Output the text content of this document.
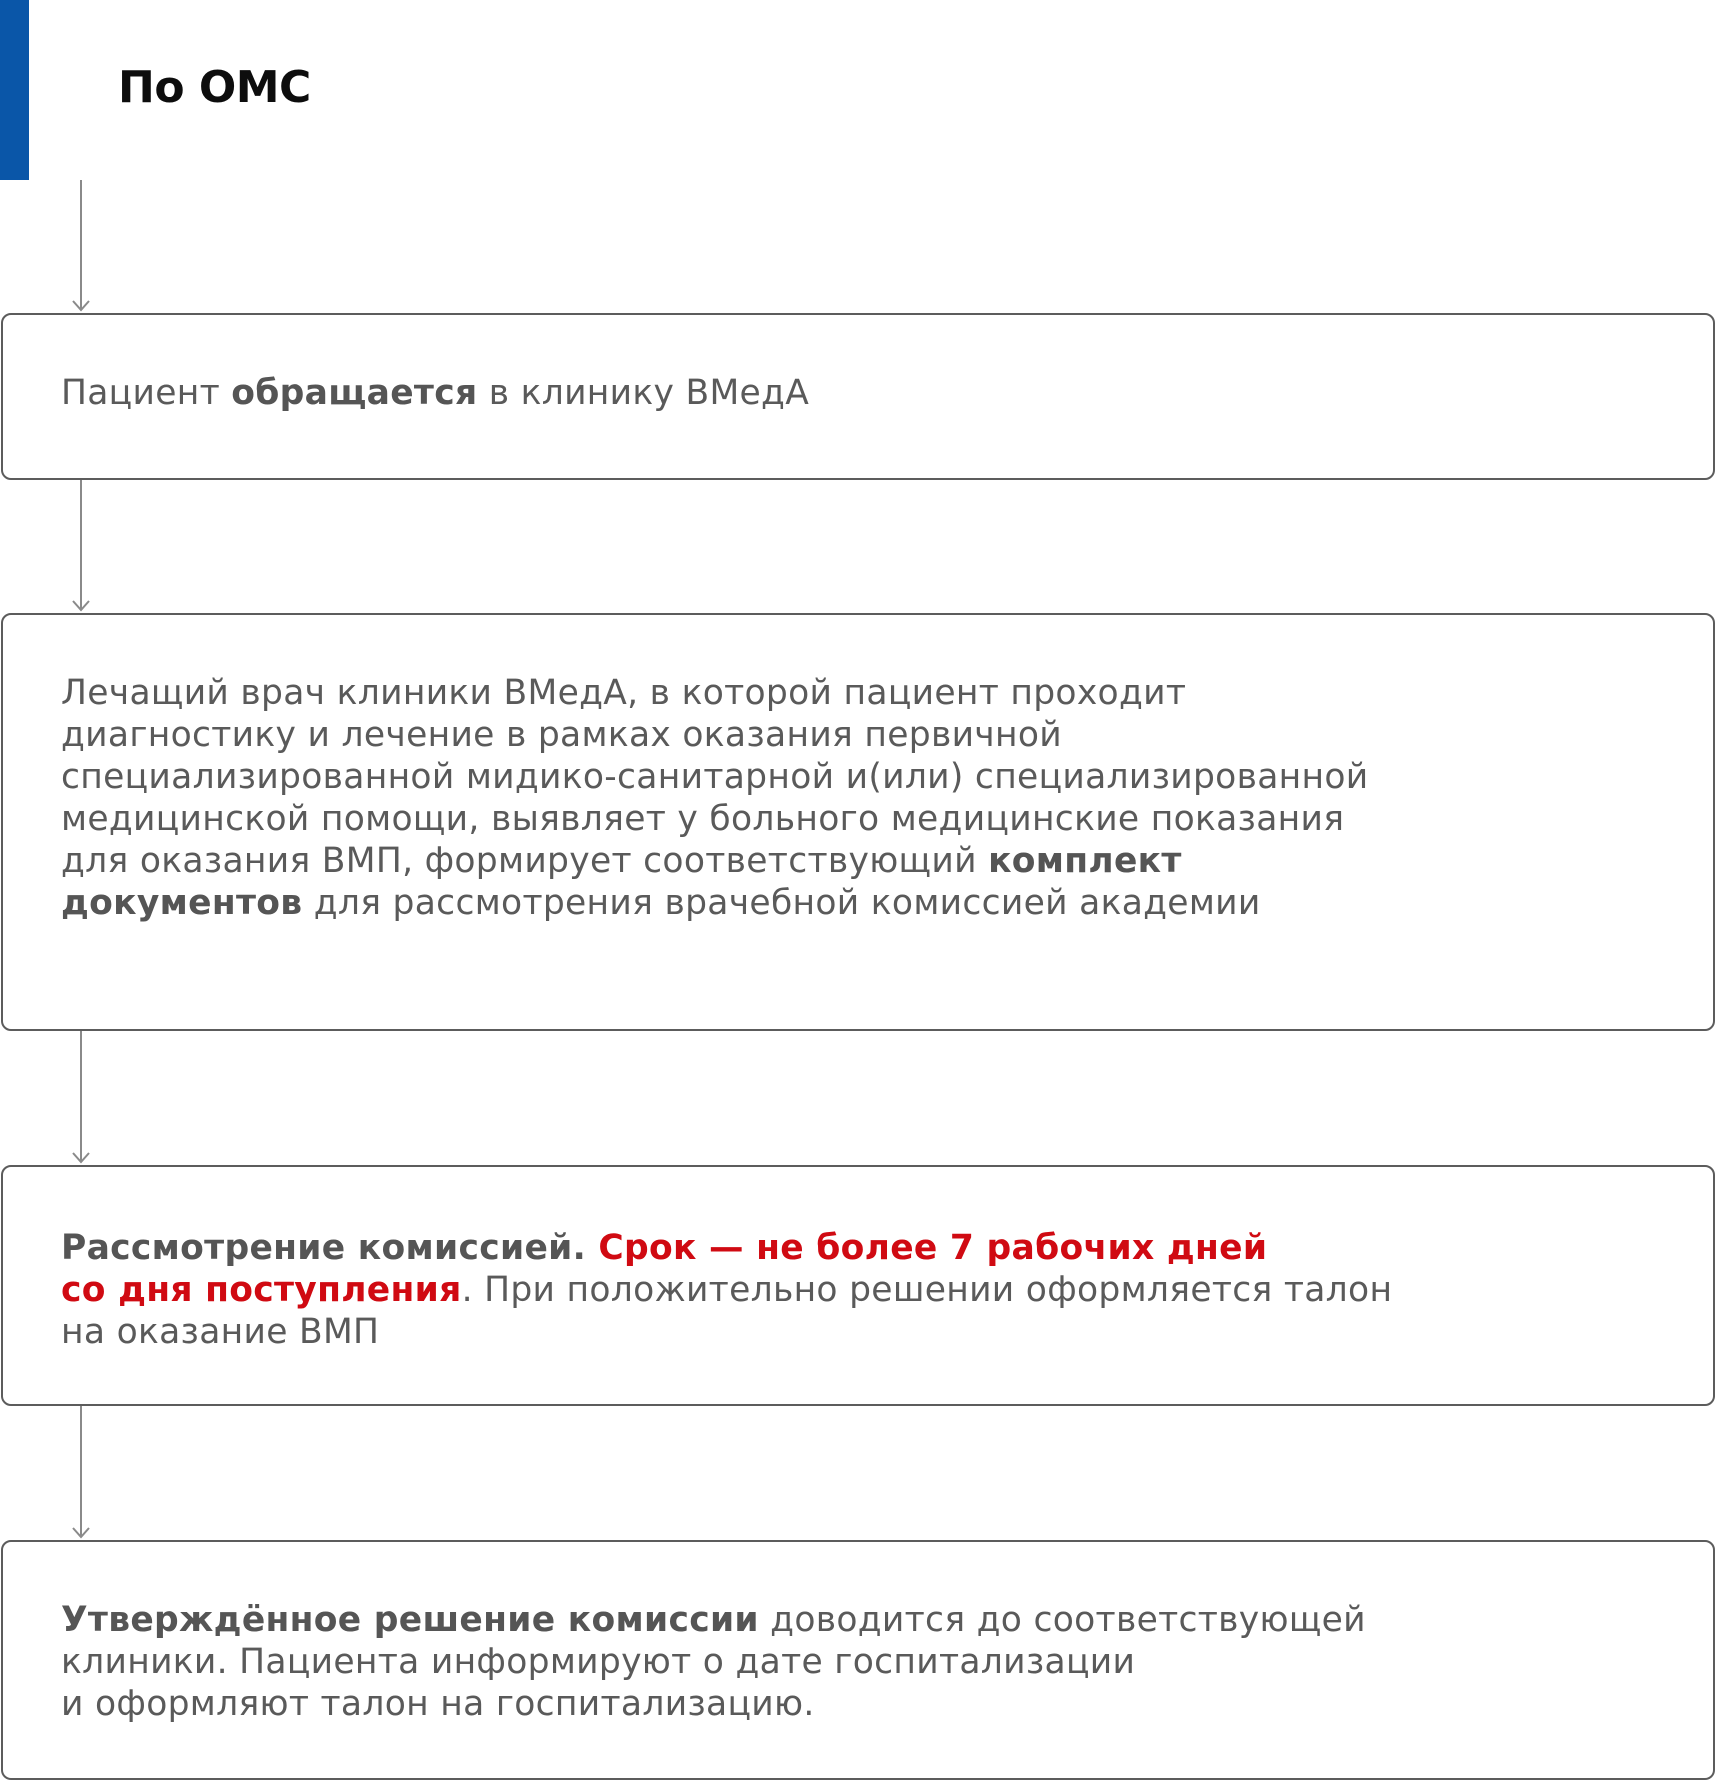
По ОМС

Пациент обращается в клинику ВМедА

Лечащий врач клиники ВМедА, в которой пациент проходит
диагностику и лечение в рамках оказания первичной
специализированной мидико-санитарной и(или) специализированной
медицинской помощи, выявляет у больного медицинские показания
для оказания ВМП, формирует соответствующий комплект
документов для рассмотрения врачебной комиссией академии

Рассмотрение комиссией. Срок — не более 7 рабочих дней
со дня поступления. При положительно решении оформляется талон
на оказание ВМП

Утверждённое решение комиссии доводится до соответствующей
клиники. Пациента информируют о дате госпитализации
и оформляют талон на госпитализацию.
